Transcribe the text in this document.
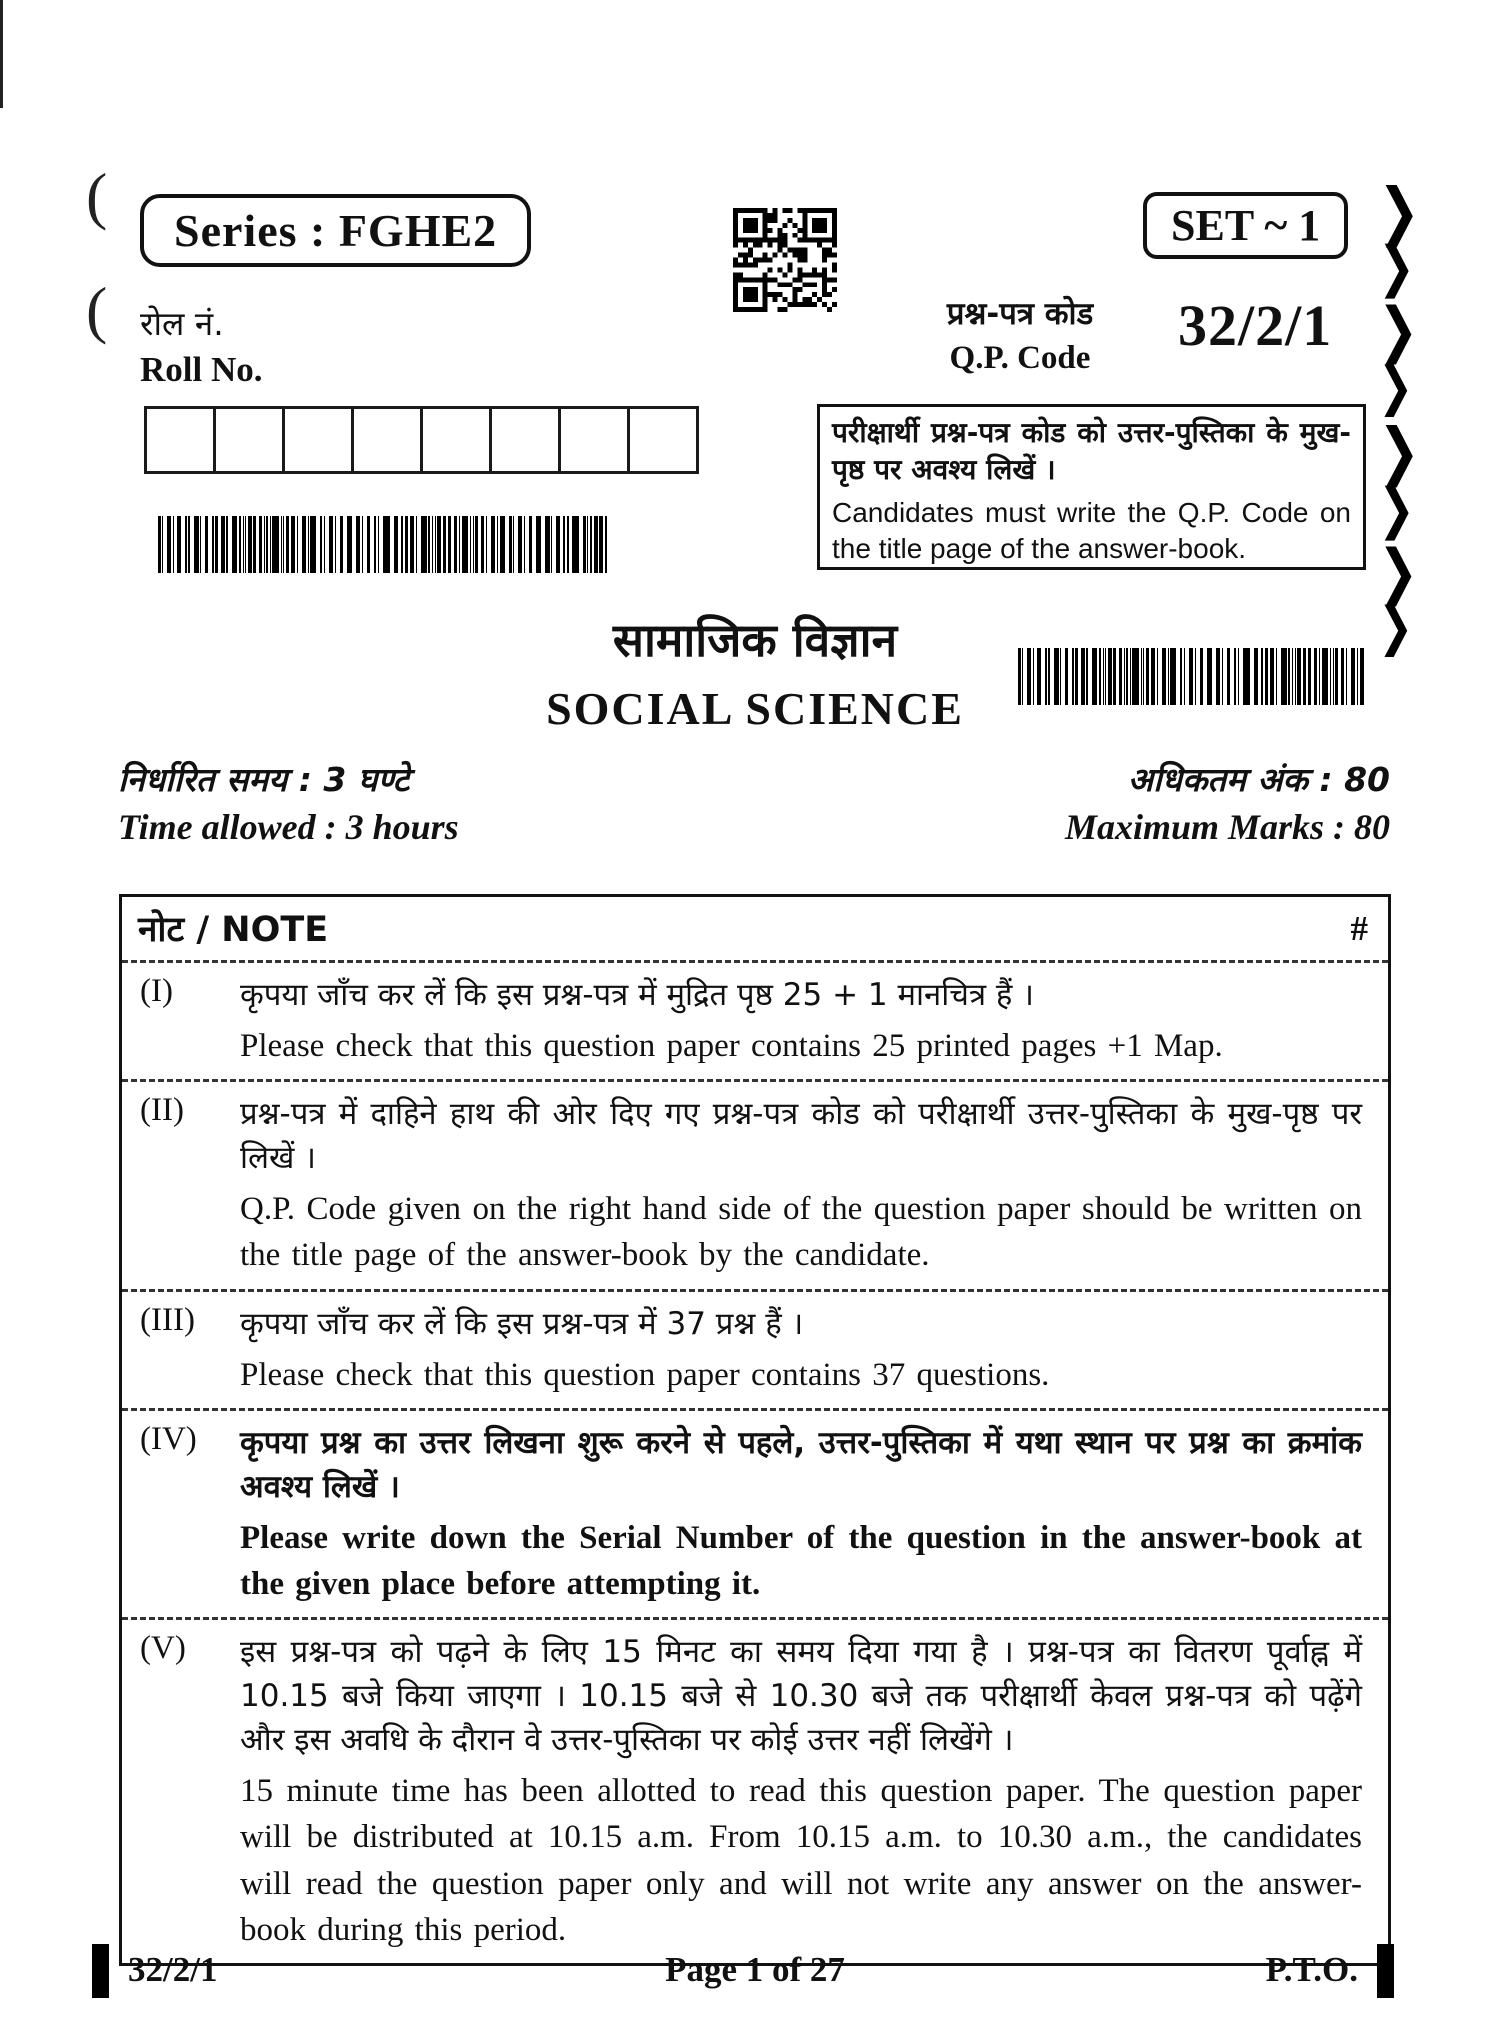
(
(
❯
❯
❯
❯
❯
❯
❯
❯
Series : FGHE2	SET ~ 1
रोल नं.
Roll No.
प्रश्न-पत्र कोड
Q.P. Code	32/2/1

परीक्षार्थी प्रश्न-पत्र कोड को उत्तर-पुस्तिका के मुख-पृष्ठ पर अवश्य लिखें ।

Candidates must write the Q.P. Code on the title page of the answer-book.

सामाजिक विज्ञान
SOCIAL SCIENCE
निर्धारित समय : 3 घण्टे
Time allowed : 3 hours
अधिकतम अंक : 80
Maximum Marks : 80
नोट / NOTE	#
(I)	कृपया जाँच कर लें कि इस प्रश्न-पत्र में मुद्रित पृष्ठ 25 + 1 मानचित्र हैं ।

Please check that this question paper contains 25 printed pages +1 Map.

(II)	प्रश्न-पत्र में दाहिने हाथ की ओर दिए गए प्रश्न-पत्र कोड को परीक्षार्थी उत्तर-पुस्तिका के मुख-पृष्ठ पर लिखें ।

Q.P. Code given on the right hand side of the question paper should be written on the title page of the answer-book by the candidate.

(III)	कृपया जाँच कर लें कि इस प्रश्न-पत्र में 37 प्रश्न हैं ।

Please check that this question paper contains 37 questions.

(IV)	कृपया प्रश्न का उत्तर लिखना शुरू करने से पहले, उत्तर-पुस्तिका में यथा स्थान पर प्रश्न का क्रमांक अवश्य लिखें ।

Please write down the Serial Number of the question in the answer-book at the given place before attempting it.

(V)	इस प्रश्न-पत्र को पढ़ने के लिए 15 मिनट का समय दिया गया है । प्रश्न-पत्र का वितरण पूर्वाह्न में 10.15 बजे किया जाएगा । 10.15 बजे से 10.30 बजे तक परीक्षार्थी केवल प्रश्न-पत्र को पढ़ेंगे और इस अवधि के दौरान वे उत्तर-पुस्तिका पर कोई उत्तर नहीं लिखेंगे ।

15 minute time has been allotted to read this question paper. The question paper will be distributed at 10.15 a.m. From 10.15 a.m. to 10.30 a.m., the candidates will read the question paper only and will not write any answer on the answer-book during this period.

32/2/1	Page 1 of 27	P.T.O.
